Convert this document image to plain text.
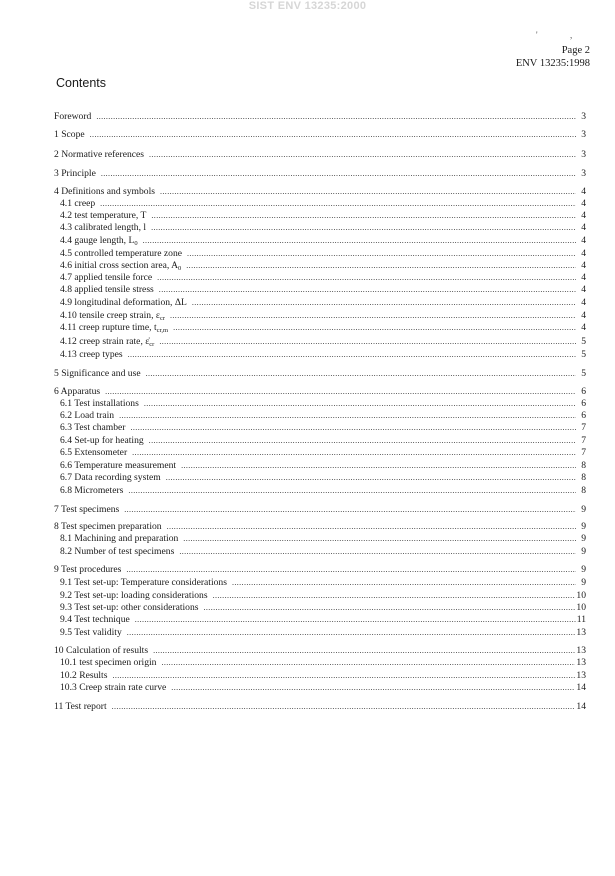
SIST ENV 13235:2000
'	,
Page 2
ENV 13235:1998
Contents
Foreword .....	3
1 Scope .....	3
2 Normative references .....	3
3 Principle .....	3
4 Definitions and symbols .....	4
4.1 creep .....	4
4.2 test temperature, T .....	4
4.3 calibrated length, l .....	4
4.4 gauge length, $L_0$ .....	4
4.5 controlled temperature zone .....	4
4.6 initial cross section area, $A_0$ .....	4
4.7 applied tensile force .....	4
4.8 applied tensile stress .....	4
4.9 longitudinal deformation, ΔL .....	4
4.10 tensile creep strain, $\varepsilon_{cr}$ .....	4
4.11 creep rupture time, $t_{cr,m}$ .....	4
4.12 creep strain rate, $\varepsiloṅ_{cr}$ .....	5
4.13 creep types .....	5
5 Significance and use .....	5
6 Apparatus .....	6
6.1 Test installations .....	6
6.2 Load train .....	6
6.3 Test chamber .....	7
6.4 Set-up for heating .....	7
6.5 Extensometer .....	7
6.6 Temperature measurement .....	8
6.7 Data recording system .....	8
6.8 Micrometers .....	8
7 Test specimens .....	9
8 Test specimen preparation .....	9
8.1 Machining and preparation .....	9
8.2 Number of test specimens .....	9
9 Test procedures .....	9
9.1 Test set-up: Temperature considerations .....	9
9.2 Test set-up: loading considerations .....	10
9.3 Test set-up: other considerations .....	10
9.4 Test technique .....	11
9.5 Test validity .....	13
10 Calculation of results .....	13
10.1 test specimen origin .....	13
10.2 Results .....	13
10.3 Creep strain rate curve .....	14
11 Test report .....	14
